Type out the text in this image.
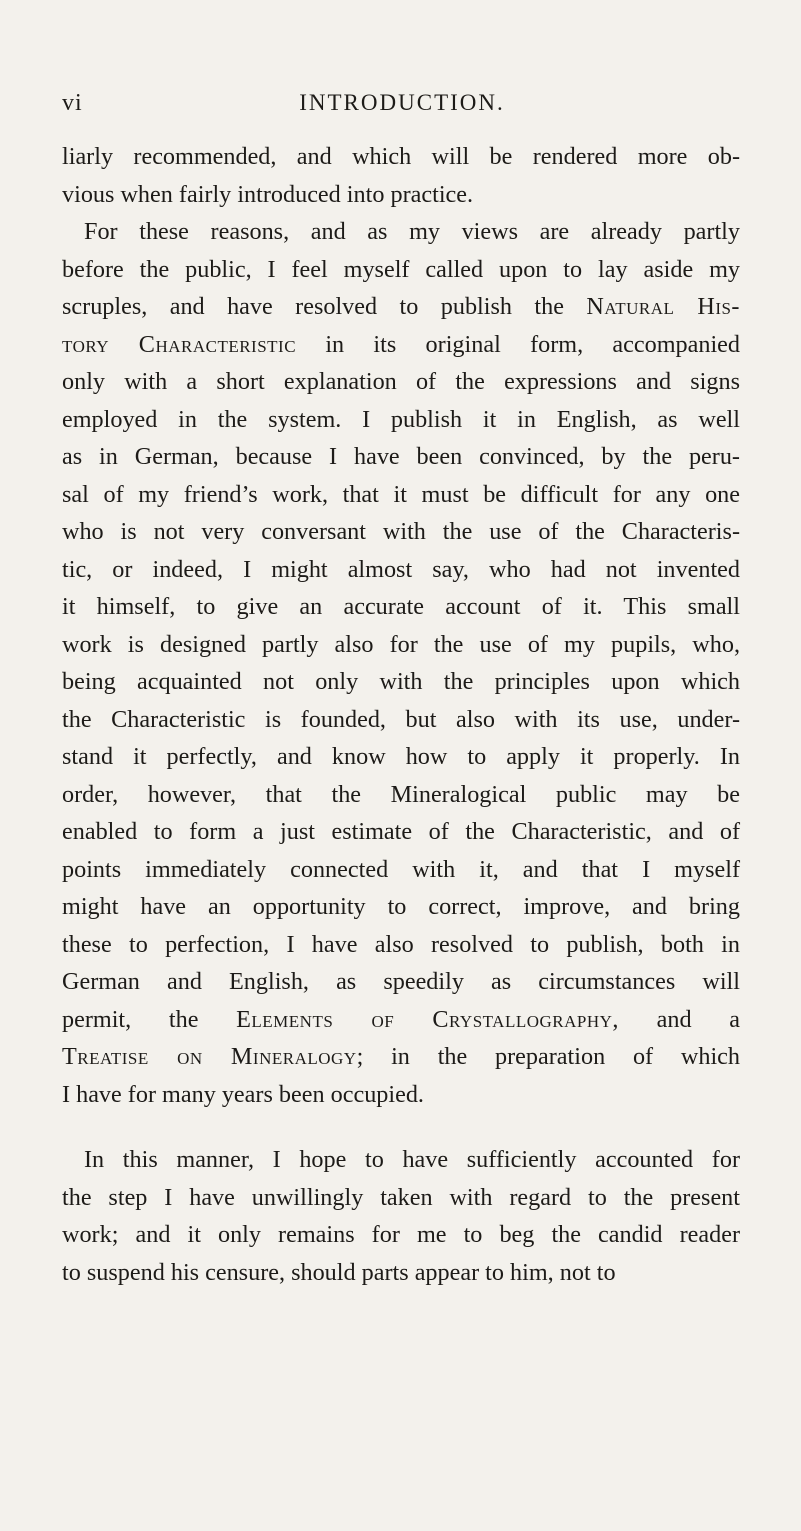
vi	INTRODUCTION.
liarly recommended, and which will be rendered more ob-
vious when fairly introduced into practice.
For these reasons, and as my views are already partly
before the public, I feel myself called upon to lay aside my
scruples, and have resolved to publish the Natural His-
tory Characteristic in its original form, accompanied
only with a short explanation of the expressions and signs
employed in the system. I publish it in English, as well
as in German, because I have been convinced, by the peru-
sal of my friend’s work, that it must be difficult for any one
who is not very conversant with the use of the Characteris-
tic, or indeed, I might almost say, who had not invented
it himself, to give an accurate account of it. This small
work is designed partly also for the use of my pupils, who,
being acquainted not only with the principles upon which
the Characteristic is founded, but also with its use, under-
stand it perfectly, and know how to apply it properly. In
order, however, that the Mineralogical public may be
enabled to form a just estimate of the Characteristic, and of
points immediately connected with it, and that I myself
might have an opportunity to correct, improve, and bring
these to perfection, I have also resolved to publish, both in
German and English, as speedily as circumstances will
permit, the Elements of Crystallography, and a
Treatise on Mineralogy; in the preparation of which
I have for many years been occupied.
In this manner, I hope to have sufficiently accounted for
the step I have unwillingly taken with regard to the present
work; and it only remains for me to beg the candid reader
to suspend his censure, should parts appear to him, not to
